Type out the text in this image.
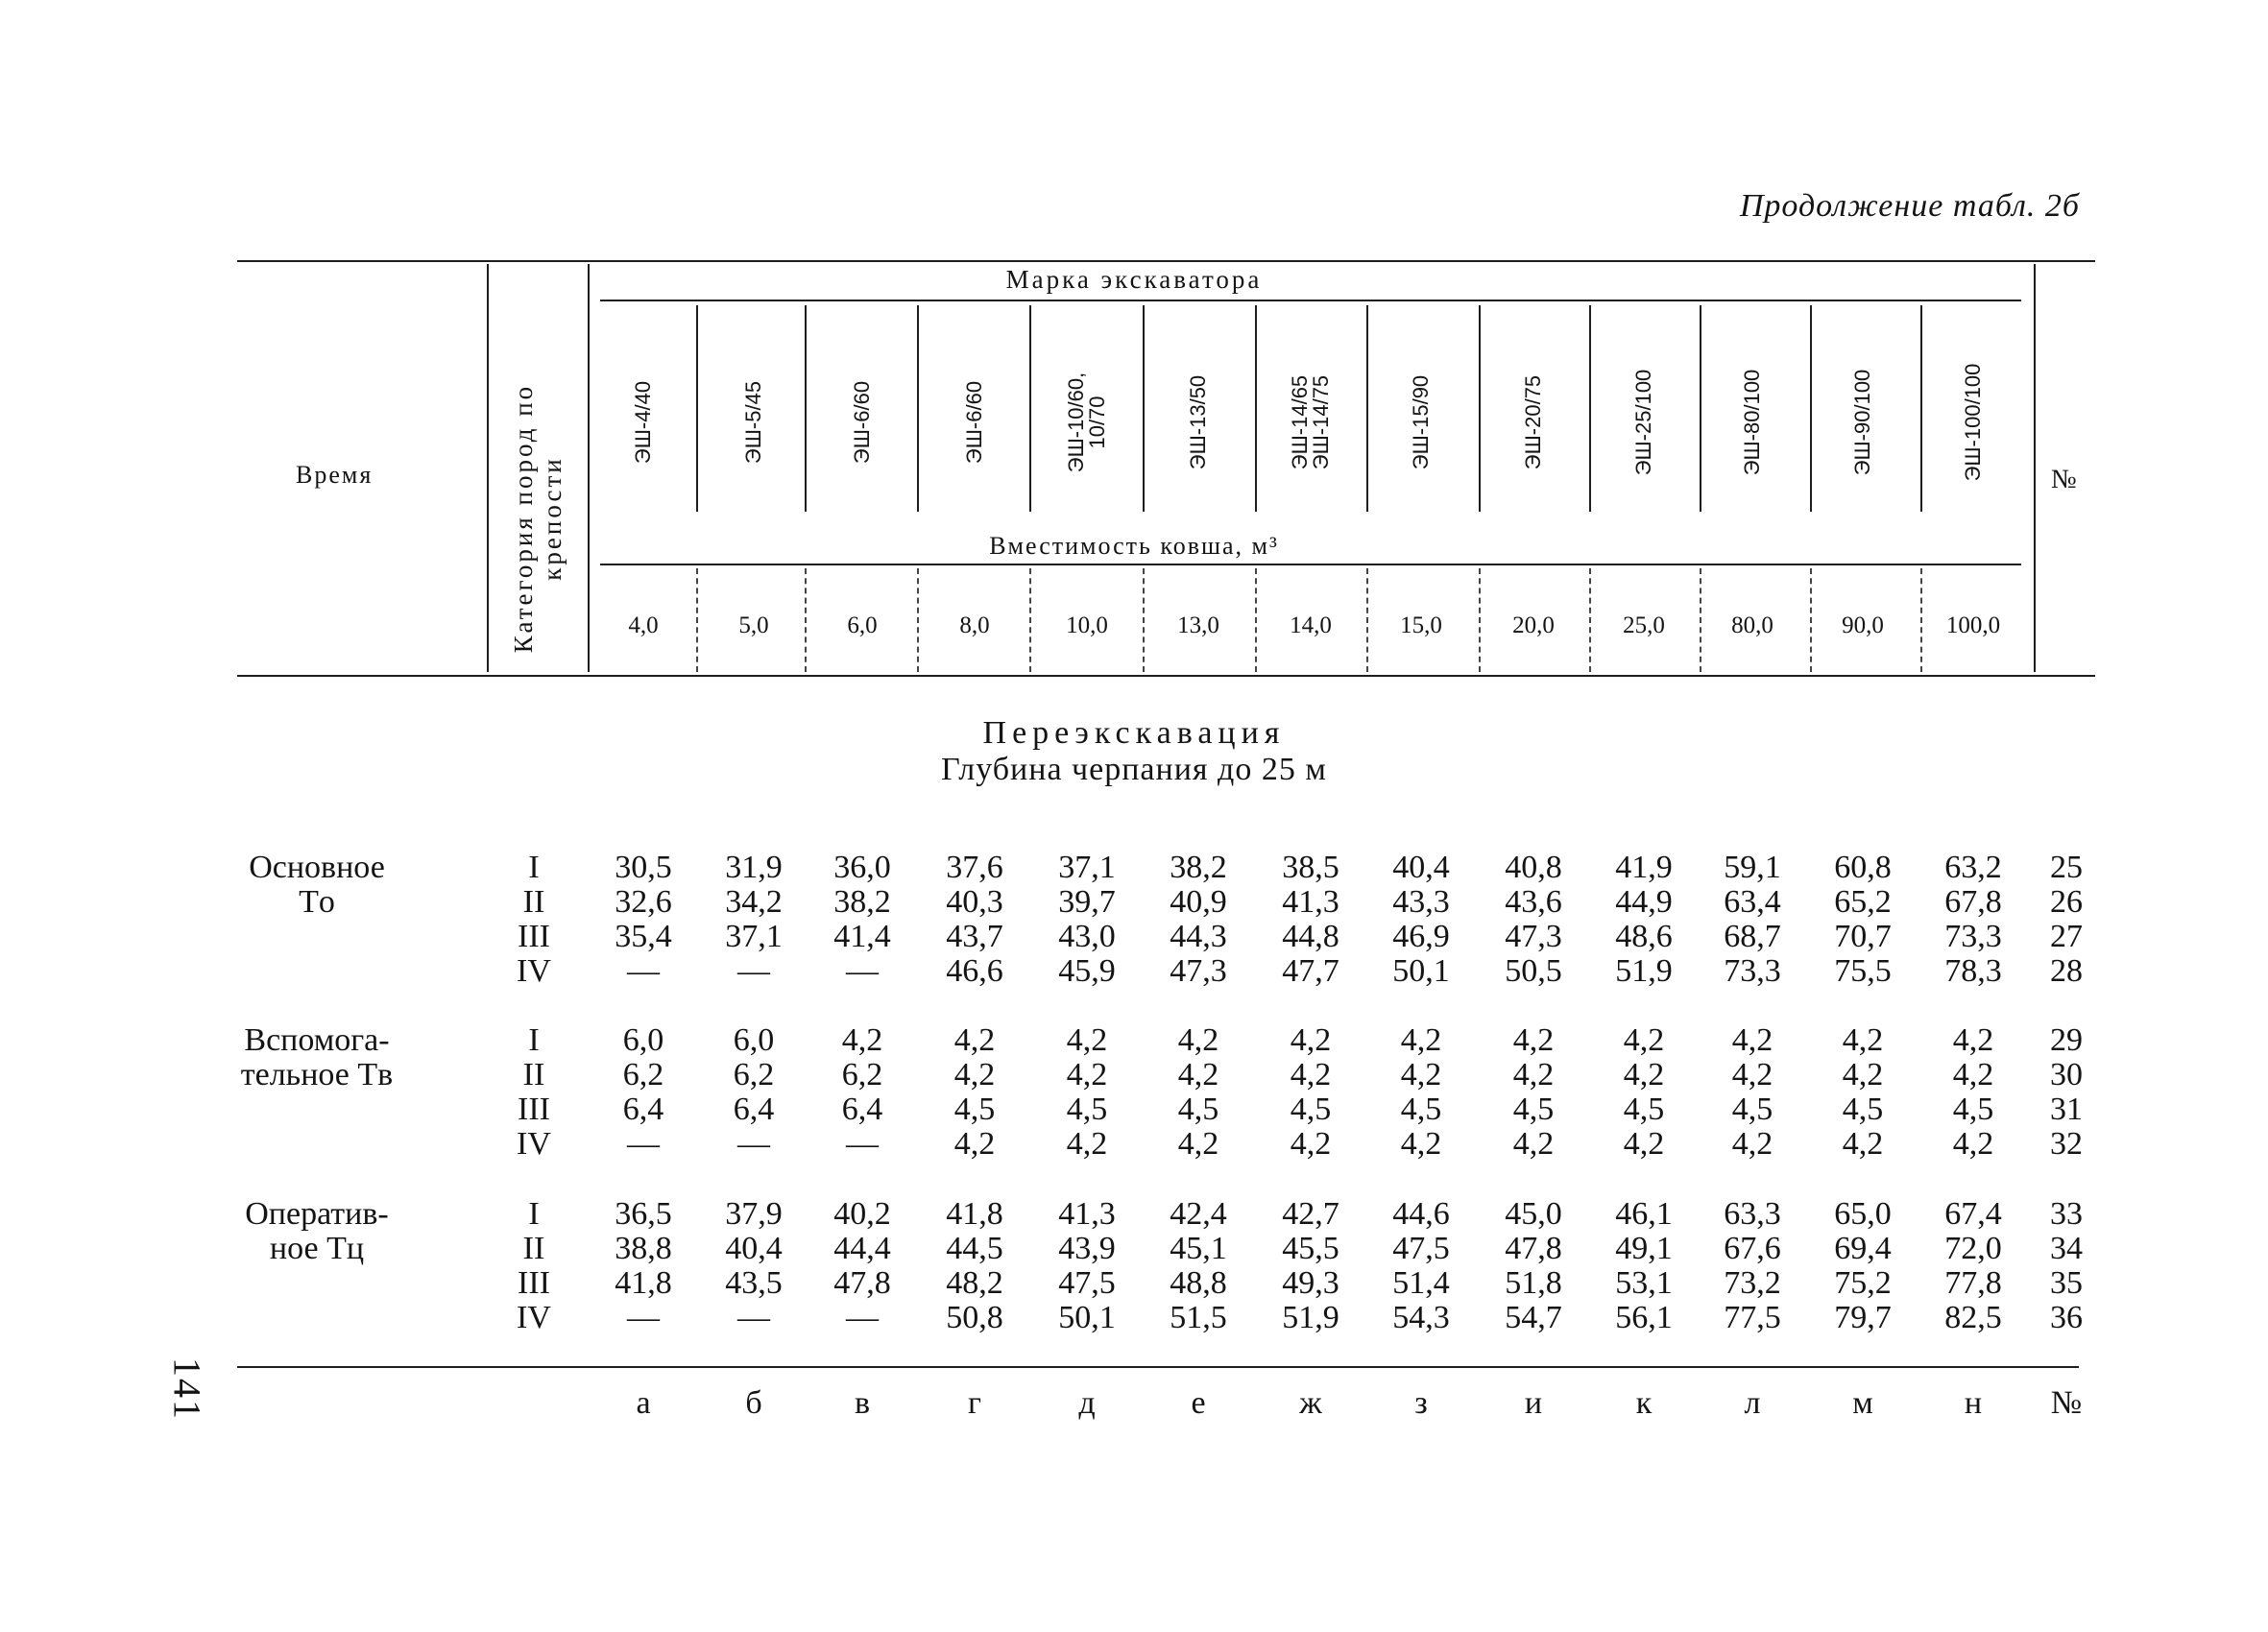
141
Продолжение табл. 2б
Марка экскаватора
Вместимость ковша, м³
Время	Категория пород по крепости	№
ЭШ-4/40	ЭШ-5/45	ЭШ-6/60	ЭШ-6/60	ЭШ-10/60, 10/70	ЭШ-13/50	ЭШ-14/65 ЭШ-14/75	ЭШ-15/90	ЭШ-20/75	ЭШ-25/100	ЭШ-80/100	ЭШ-90/100	ЭШ-100/100
4,0	5,0	6,0	8,0	10,0	13,0	14,0	15,0	20,0	25,0	80,0	90,0	100,0
Переэкскавация
Глубина черпания до 25 м
Основное Tо
I 30,5 31,9 36,0 37,6 37,1 38,2 38,5 40,4 40,8 41,9 59,1 60,8 63,2 25
II 32,6 34,2 38,2 40,3 39,7 40,9 41,3 43,3 43,6 44,9 63,4 65,2 67,8 26
III 35,4 37,1 41,4 43,7 43,0 44,3 44,8 46,9 47,3 48,6 68,7 70,7 73,3 27
IV — — — 46,6 45,9 47,3 47,7 50,1 50,5 51,9 73,3 75,5 78,3 28
Вспомога-тельное Tв
I	6,0 6,0 4,2 4,2 4,2 4,2 4,2 4,2 4,2 4,2 4,2 4,2 4,2 29
II 6,2 6,2 6,2 4,2 4,2 4,2 4,2 4,2 4,2 4,2 4,2 4,2 4,2 30
III 6,4 6,4 6,4 4,5 4,5 4,5 4,5 4,5 4,5 4,5 4,5 4,5 4,5 31
IV — — — 4,2 4,2 4,2 4,2 4,2 4,2 4,2 4,2 4,2 4,2 32
Оператив-ное Tц
I 36,5 37,9 40,2 41,8 41,3 42,4 42,7 44,6 45,0 46,1 63,3 65,0 67,4 33
II 38,8 40,4 44,4 44,5 43,9 45,1 45,5 47,5 47,8 49,1 67,6 69,4 72,0 34
III 41,8 43,5 47,8 48,2 47,5 48,8 49,3 51,4 51,8 53,1 73,2 75,2 77,8 35
IV — — — 50,8 50,1 51,5 51,9 54,3 54,7 56,1 77,5 79,7 82,5 36
а	б	в	г	д	е	ж	з	и	к	л	м	н №
